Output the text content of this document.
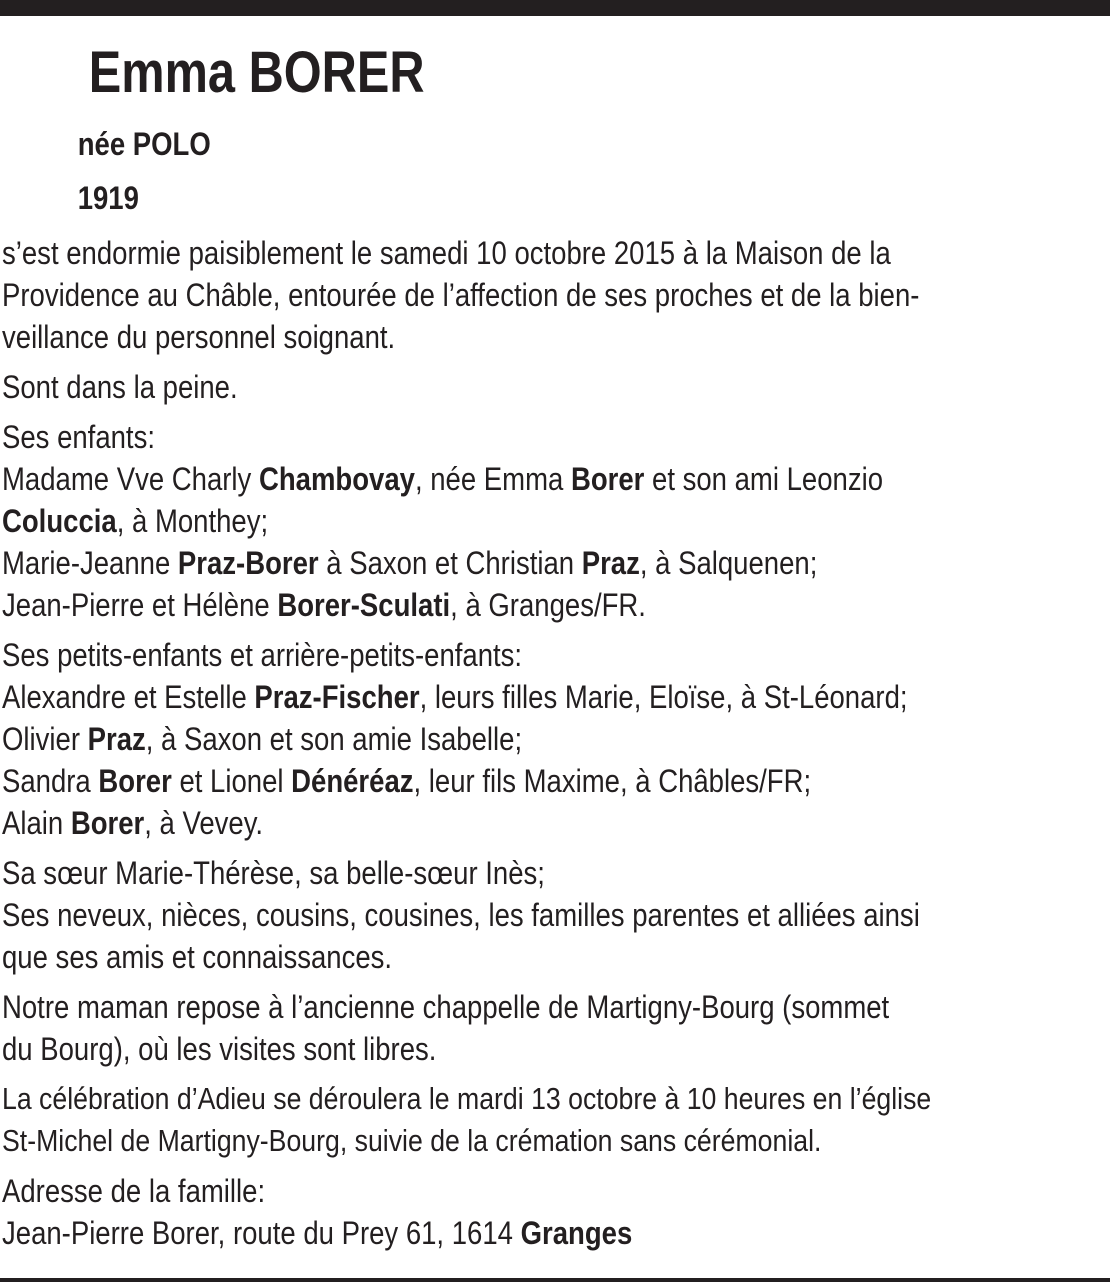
Emma BORER
née POLO
1919
s’est endormie paisiblement le samedi 10 octobre 2015 à la Maison de la
Providence au Châble, entourée de l’affection de ses proches et de la bien-
veillance du personnel soignant.
Sont dans la peine.
Ses enfants:
Madame Vve Charly Chambovay, née Emma Borer et son ami Leonzio
Coluccia, à Monthey;
Marie-Jeanne Praz-Borer à Saxon et Christian Praz, à Salquenen;
Jean-Pierre et Hélène Borer-Sculati, à Granges/FR.
Ses petits-enfants et arrière-petits-enfants:
Alexandre et Estelle Praz-Fischer, leurs filles Marie, Eloïse, à St-Léonard;
Olivier Praz, à Saxon et son amie Isabelle;
Sandra Borer et Lionel Dénéréaz, leur fils Maxime, à Châbles/FR;
Alain Borer, à Vevey.
Sa sœur Marie-Thérèse, sa belle-sœur Inès;
Ses neveux, nièces, cousins, cousines, les familles parentes et alliées ainsi
que ses amis et connaissances.
Notre maman repose à l’ancienne chappelle de Martigny-Bourg (sommet
du Bourg), où les visites sont libres.
La célébration d’Adieu se déroulera le mardi 13 octobre à 10 heures en l’église
St-Michel de Martigny-Bourg, suivie de la crémation sans cérémonial.
Adresse de la famille:
Jean-Pierre Borer, route du Prey 61, 1614 Granges
